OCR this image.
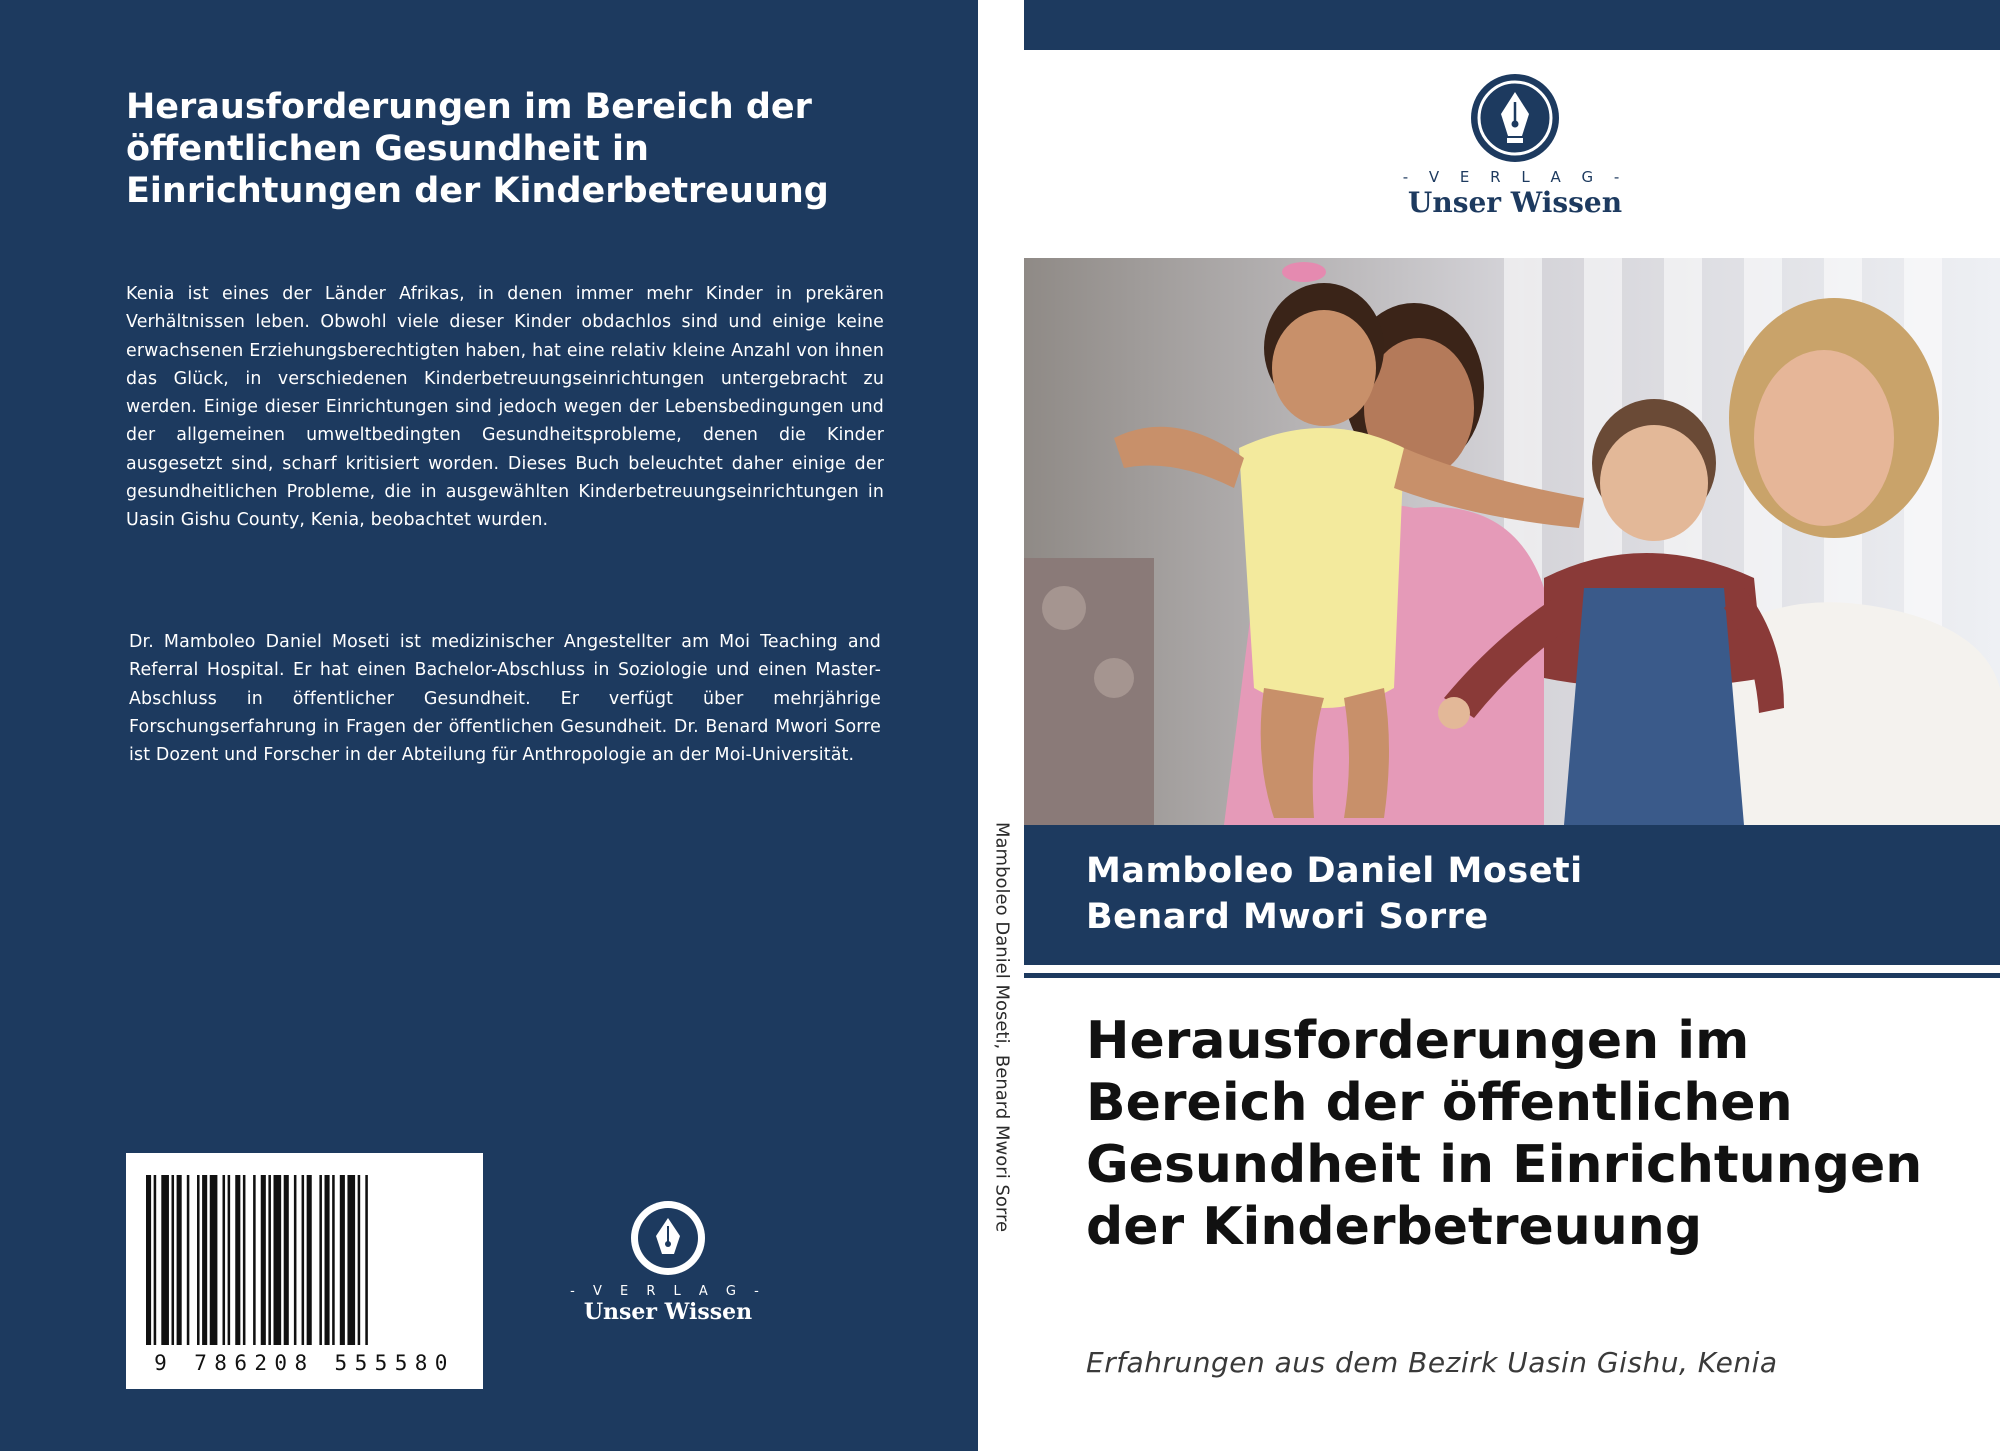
Herausforderungen im Bereich der öffentlichen Gesundheit in Einrichtungen der Kinderbetreuung

Kenia ist eines der Länder Afrikas, in denen immer mehr Kinder in prekären Verhältnissen leben. Obwohl viele dieser Kinder obdachlos sind und einige keine erwachsenen Erziehungsberechtigten haben, hat eine relativ kleine Anzahl von ihnen das Glück, in verschiedenen Kinderbetreuungseinrichtungen untergebracht zu werden. Einige dieser Einrichtungen sind jedoch wegen der Lebensbedingungen und der allgemeinen umweltbedingten Gesundheitsprobleme, denen die Kinder ausgesetzt sind, scharf kritisiert worden. Dieses Buch beleuchtet daher einige der gesundheitlichen Probleme, die in ausgewählten Kinderbetreuungseinrichtungen in Uasin Gishu County, Kenia, beobachtet wurden.

Dr. Mamboleo Daniel Moseti ist medizinischer Angestellter am Moi Teaching and Referral Hospital. Er hat einen Bachelor-Abschluss in Soziologie und einen Master-Abschluss in öffentlicher Gesundheit. Er verfügt über mehrjährige Forschungserfahrung in Fragen der öffentlichen Gesundheit. Dr. Benard Mwori Sorre ist Dozent und Forscher in der Abteilung für Anthropologie an der Moi-Universität.

9 786208 555580
- V E R L A G -
Unser Wissen
Mamboleo Daniel Moseti, Benard Mwori Sorre
- V E R L A G -
Unser Wissen

Mamboleo Daniel Moseti

Benard Mwori Sorre

Herausforderungen im Bereich der öffentlichen Gesundheit in Einrichtungen der Kinderbetreuung

Erfahrungen aus dem Bezirk Uasin Gishu, Kenia
